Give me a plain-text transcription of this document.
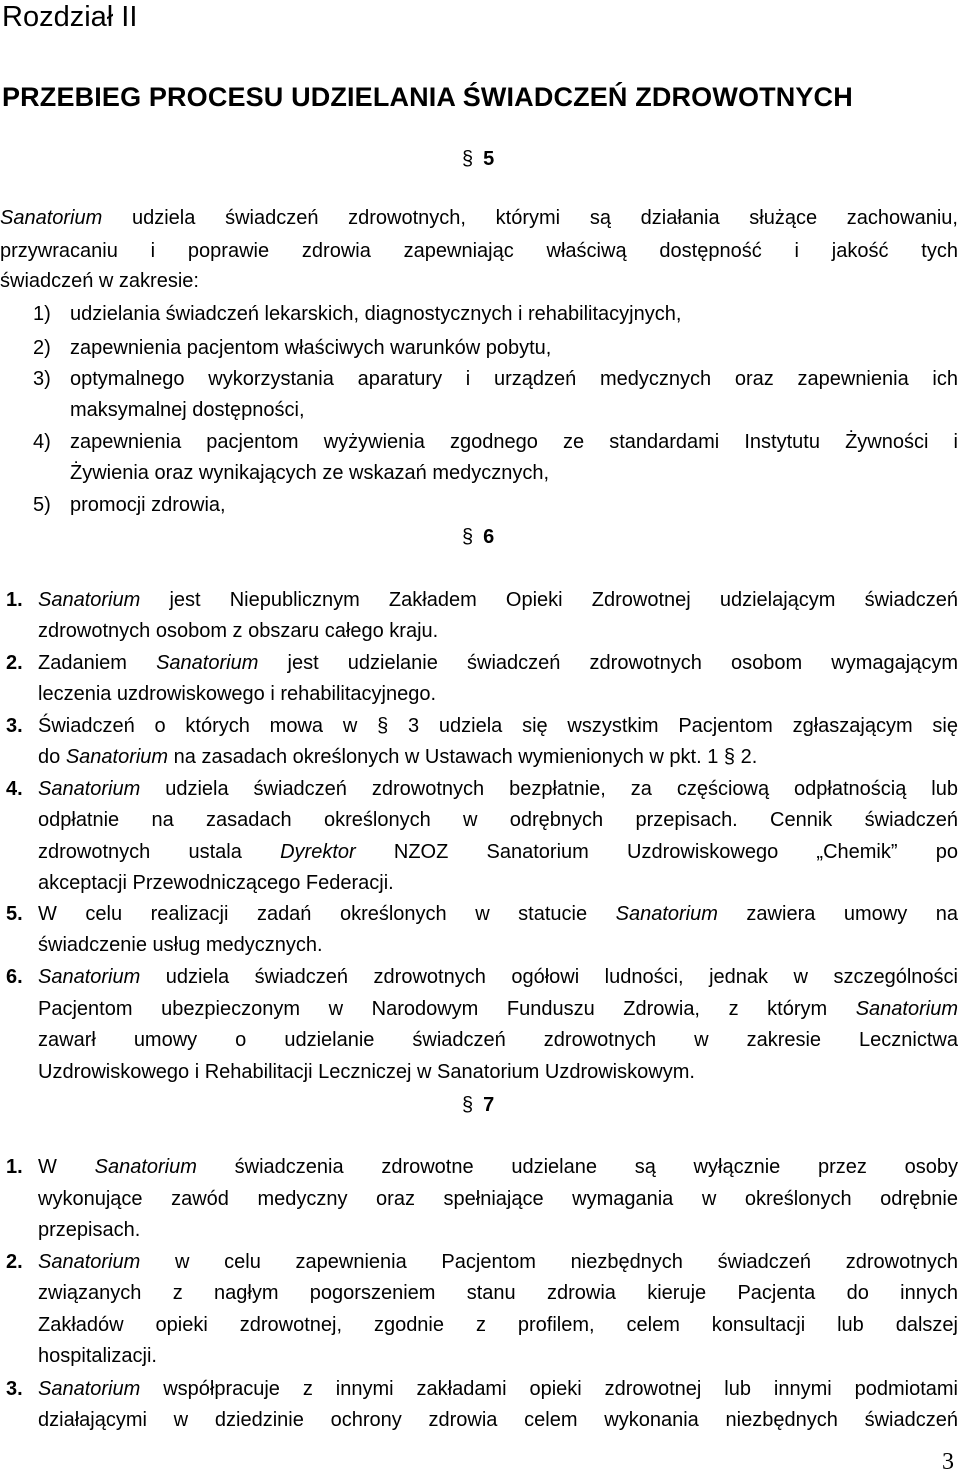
Rozdział II
PRZEBIEG PROCESU UDZIELANIA ŚWIADCZEŃ ZDROWOTNYCH
§ 5
Sanatorium udziela świadczeń zdrowotnych, którymi są działania służące zachowaniu,
przywracaniu i poprawie zdrowia zapewniając właściwą dostępność i jakość tych
świadczeń w zakresie:
1) udzielania świadczeń lekarskich, diagnostycznych i rehabilitacyjnych,
2) zapewnienia pacjentom właściwych warunków pobytu,
3) optymalnego wykorzystania aparatury i urządzeń medycznych oraz zapewnienia ich
maksymalnej dostępności,
4) zapewnienia pacjentom wyżywienia zgodnego ze standardami Instytutu Żywności i
Żywienia oraz wynikających ze wskazań medycznych,
5) promocji zdrowia,
§ 6
1. Sanatorium jest Niepublicznym Zakładem Opieki Zdrowotnej udzielającym świadczeń
zdrowotnych osobom z obszaru całego kraju.
2. Zadaniem Sanatorium jest udzielanie świadczeń zdrowotnych osobom wymagającym
leczenia uzdrowiskowego i rehabilitacyjnego.
3. Świadczeń o których mowa w § 3 udziela się wszystkim Pacjentom zgłaszającym się
do Sanatorium na zasadach określonych w Ustawach wymienionych w pkt. 1 § 2.
4. Sanatorium udziela świadczeń zdrowotnych bezpłatnie, za częściową odpłatnością lub
odpłatnie na zasadach określonych w odrębnych przepisach. Cennik świadczeń
zdrowotnych ustala Dyrektor NZOZ Sanatorium Uzdrowiskowego „Chemik” po
akceptacji Przewodniczącego Federacji.
5. W celu realizacji zadań określonych w statucie Sanatorium zawiera umowy na
świadczenie usług medycznych.
6. Sanatorium udziela świadczeń zdrowotnych ogółowi ludności, jednak w szczególności
Pacjentom ubezpieczonym w Narodowym Funduszu Zdrowia, z którym Sanatorium
zawarł umowy o udzielanie świadczeń zdrowotnych w zakresie Lecznictwa
Uzdrowiskowego i Rehabilitacji Leczniczej w Sanatorium Uzdrowiskowym.
§ 7
1. W Sanatorium świadczenia zdrowotne udzielane są wyłącznie przez osoby
wykonujące zawód medyczny oraz spełniające wymagania w określonych odrębnie
przepisach.
2. Sanatorium w celu zapewnienia Pacjentom niezbędnych świadczeń zdrowotnych
związanych z nagłym pogorszeniem stanu zdrowia kieruje Pacjenta do innych
Zakładów opieki zdrowotnej, zgodnie z profilem, celem konsultacji lub dalszej
hospitalizacji.
3. Sanatorium współpracuje z innymi zakładami opieki zdrowotnej lub innymi podmiotami
działającymi w dziedzinie ochrony zdrowia celem wykonania niezbędnych świadczeń
3
